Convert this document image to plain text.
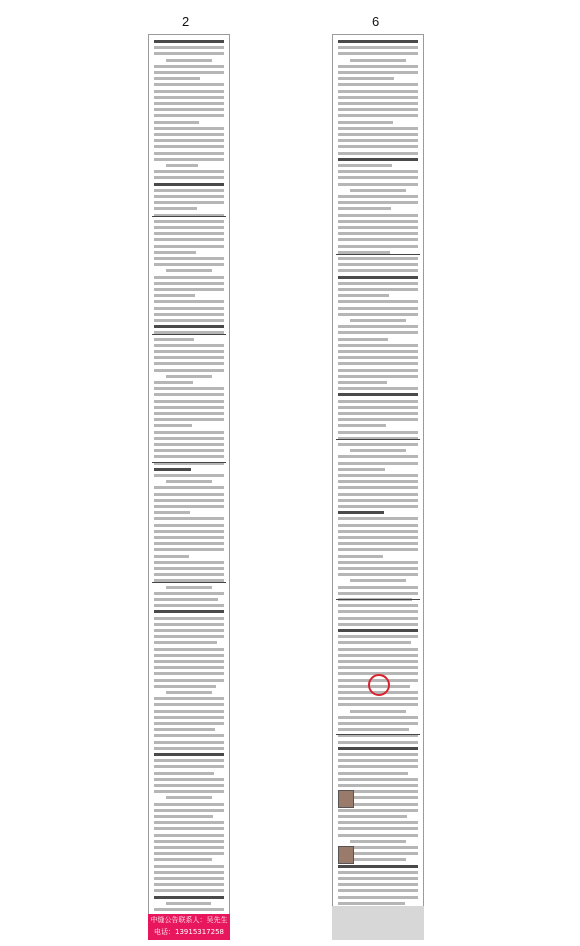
2
中缝公告联系人：吴先生
电话：13915317258
6
